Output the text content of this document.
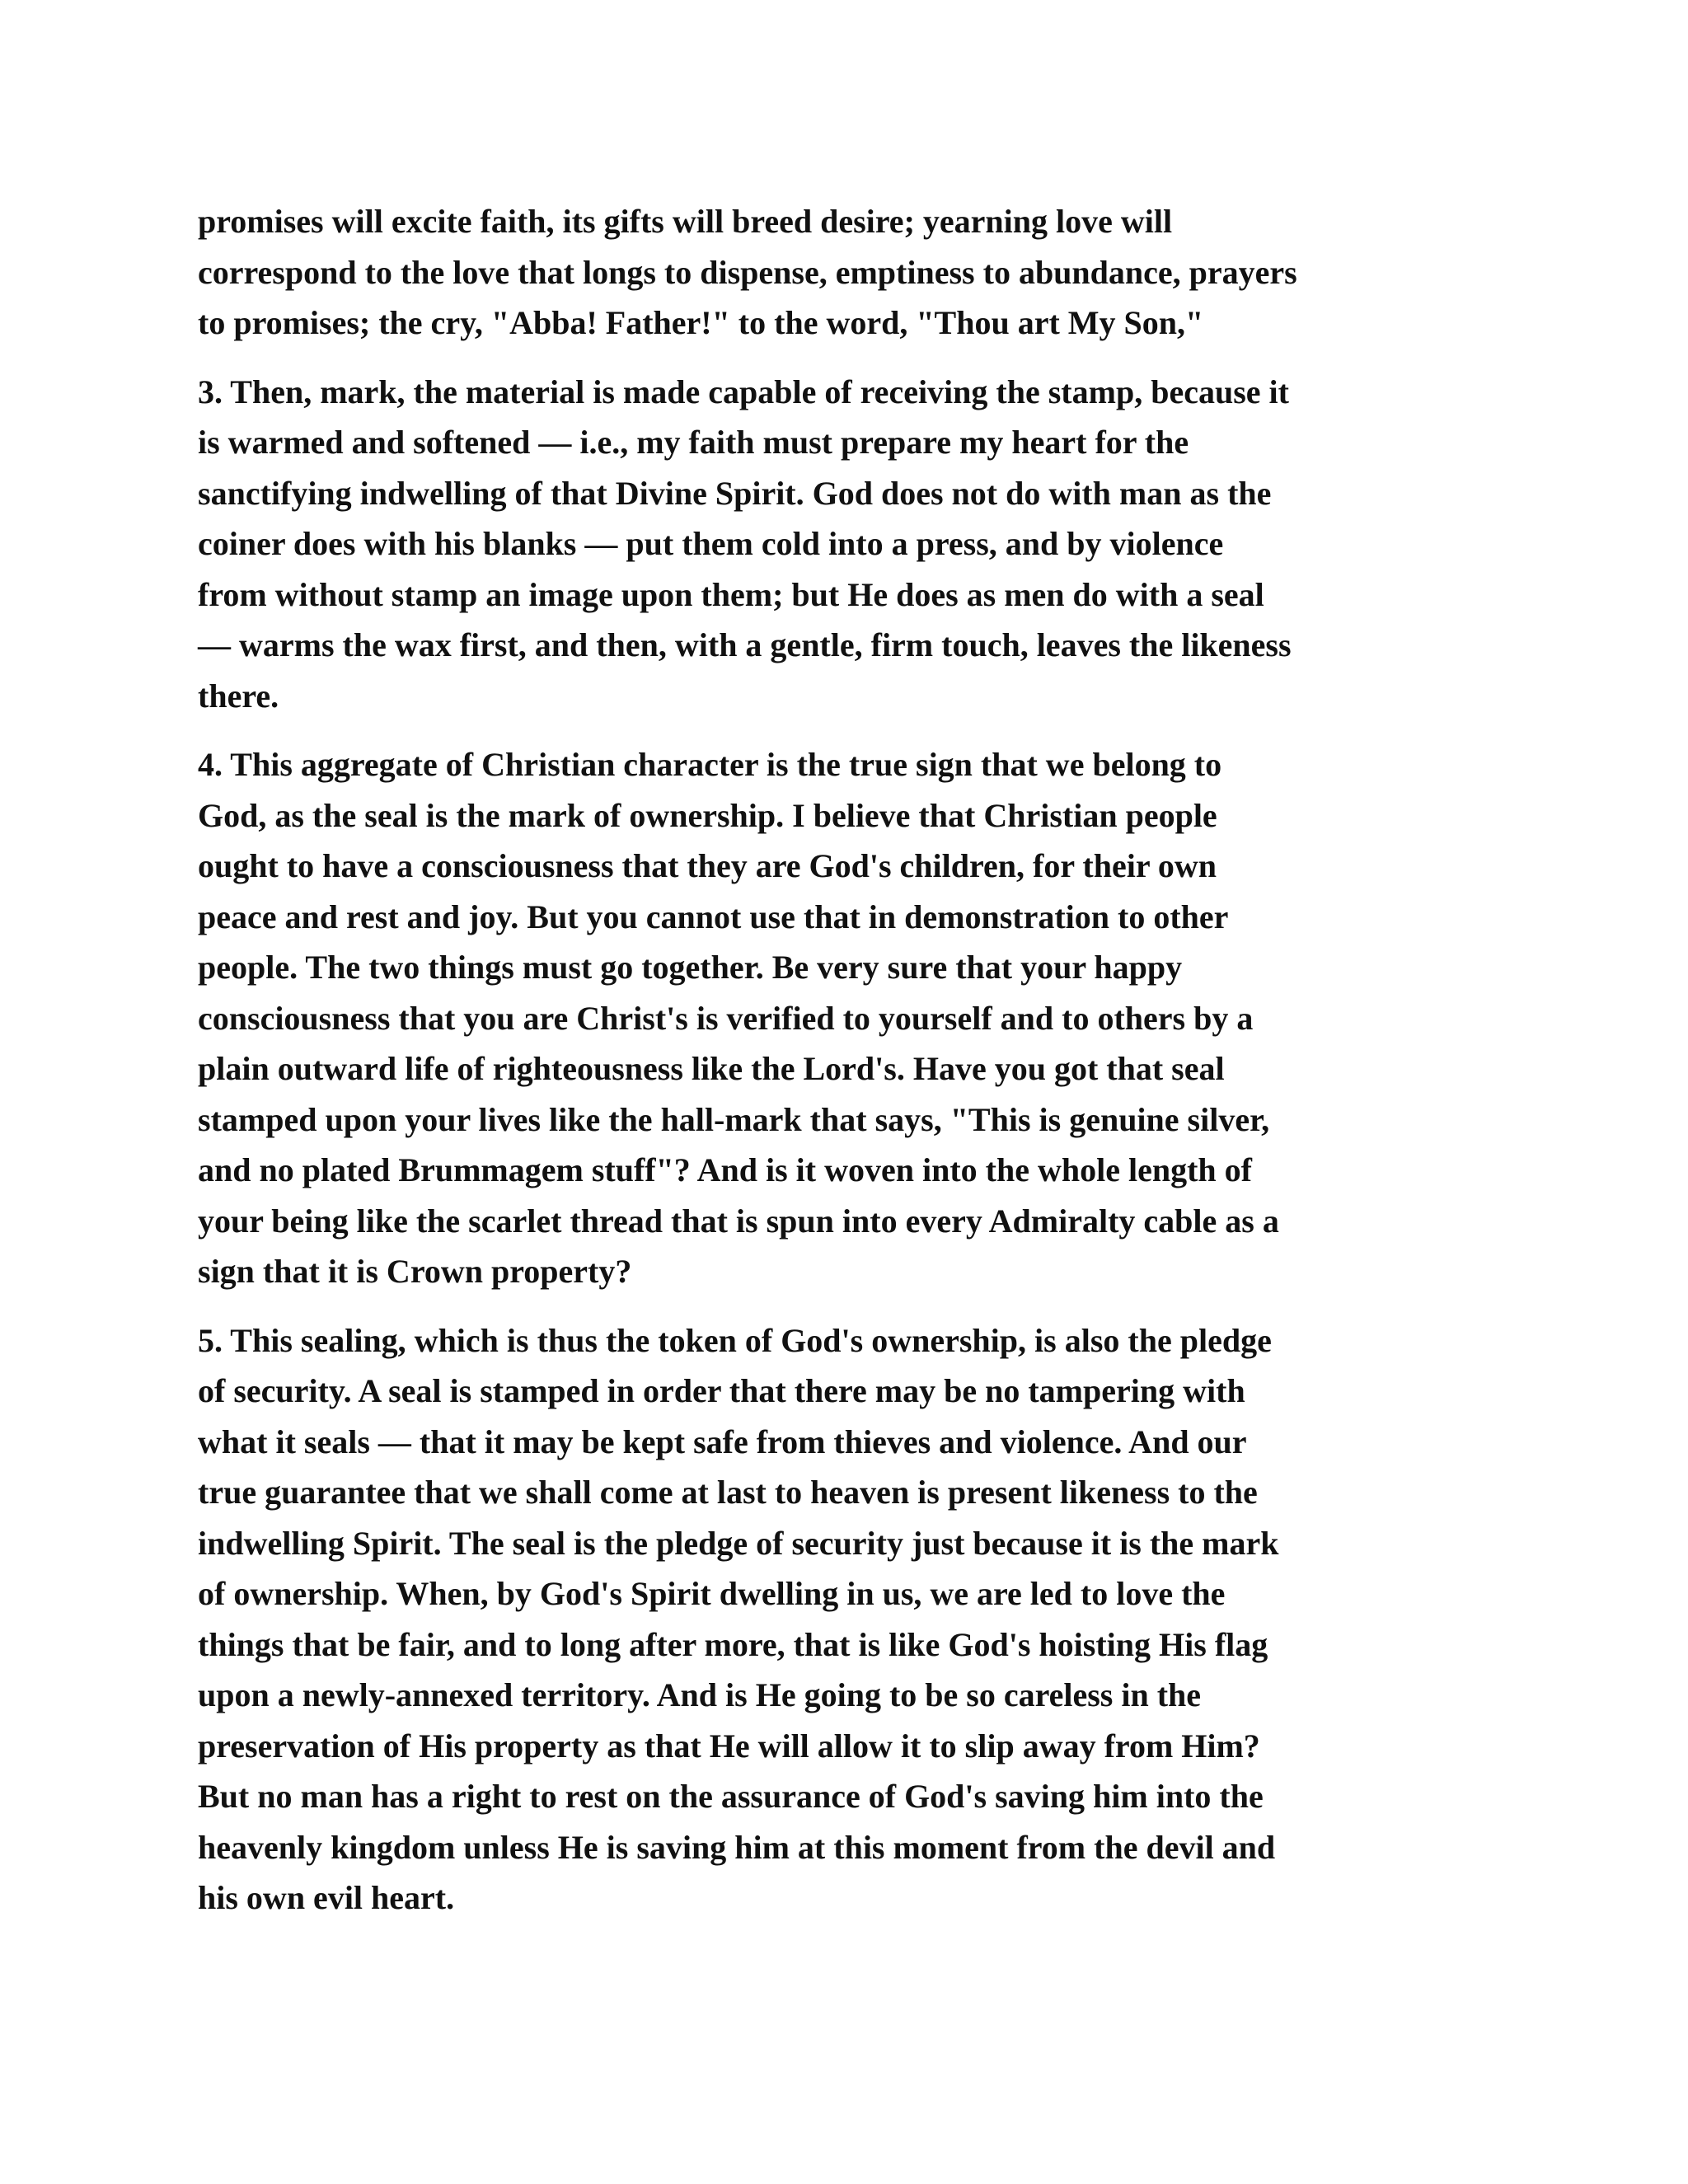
promises will excite faith, its gifts will breed desire; yearning love will
correspond to the love that longs to dispense, emptiness to abundance, prayers
to promises; the cry, "Abba! Father!" to the word, "Thou art My Son,"

3. Then, mark, the material is made capable of receiving the stamp, because it
is warmed and softened — i.e., my faith must prepare my heart for the
sanctifying indwelling of that Divine Spirit. God does not do with man as the
coiner does with his blanks — put them cold into a press, and by violence
from without stamp an image upon them; but He does as men do with a seal
— warms the wax first, and then, with a gentle, firm touch, leaves the likeness
there.

4. This aggregate of Christian character is the true sign that we belong to
God, as the seal is the mark of ownership. I believe that Christian people
ought to have a consciousness that they are God's children, for their own
peace and rest and joy. But you cannot use that in demonstration to other
people. The two things must go together. Be very sure that your happy
consciousness that you are Christ's is verified to yourself and to others by a
plain outward life of righteousness like the Lord's. Have you got that seal
stamped upon your lives like the hall-mark that says, "This is genuine silver,
and no plated Brummagem stuff"? And is it woven into the whole length of
your being like the scarlet thread that is spun into every Admiralty cable as a
sign that it is Crown property?

5. This sealing, which is thus the token of God's ownership, is also the pledge
of security. A seal is stamped in order that there may be no tampering with
what it seals — that it may be kept safe from thieves and violence. And our
true guarantee that we shall come at last to heaven is present likeness to the
indwelling Spirit. The seal is the pledge of security just because it is the mark
of ownership. When, by God's Spirit dwelling in us, we are led to love the
things that be fair, and to long after more, that is like God's hoisting His flag
upon a newly-annexed territory. And is He going to be so careless in the
preservation of His property as that He will allow it to slip away from Him?
But no man has a right to rest on the assurance of God's saving him into the
heavenly kingdom unless He is saving him at this moment from the devil and
his own evil heart.
